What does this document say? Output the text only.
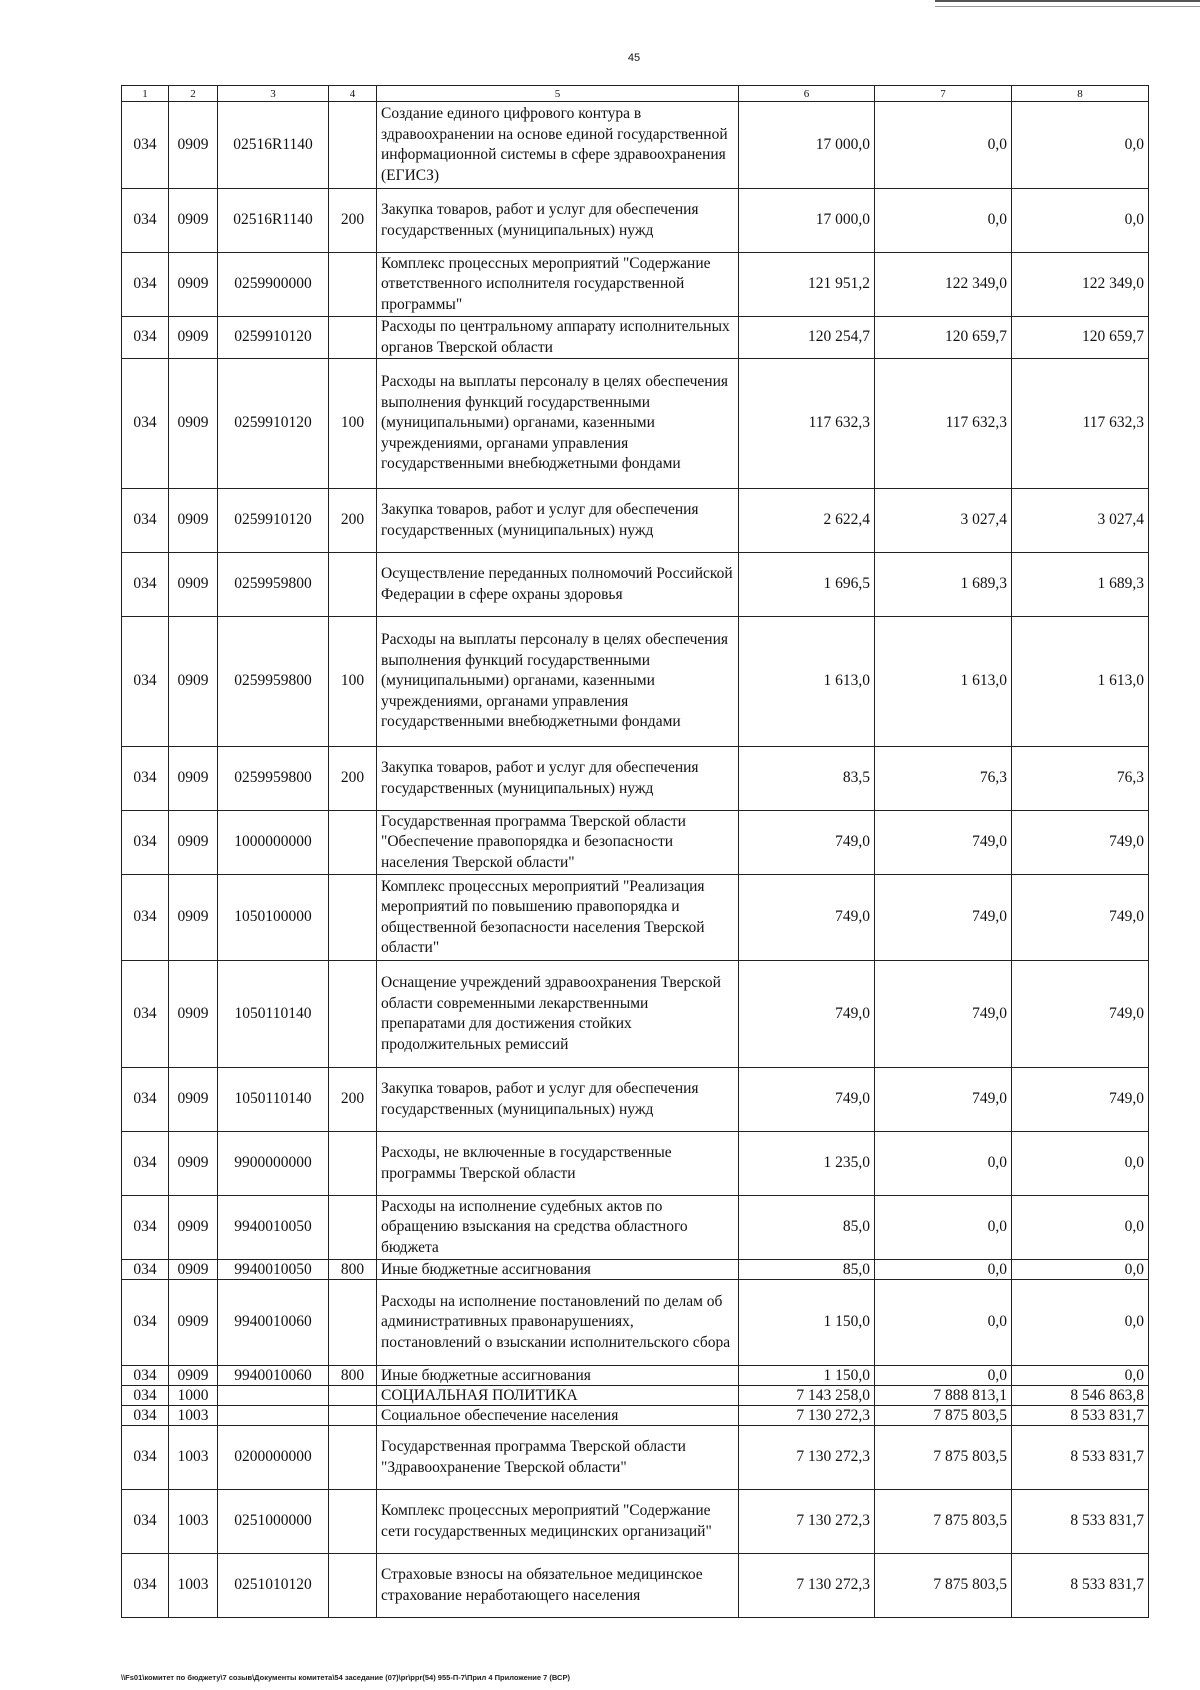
45
1	2	3	4	5	6	7	8
034	0909	02516R1140		Создание единого цифрового контура в здравоохранении на основе единой государственной информационной системы в сфере здравоохранения (ЕГИСЗ)	17 000,0	0,0	0,0
034	0909	02516R1140	200	Закупка товаров, работ и услуг для обеспечения государственных (муниципальных) нужд	17 000,0	0,0	0,0
034	0909	0259900000		Комплекс процессных мероприятий "Содержание ответственного исполнителя государственной программы"	121 951,2	122 349,0	122 349,0
034	0909	0259910120		Расходы по центральному аппарату исполнительных органов Тверской области	120 254,7	120 659,7	120 659,7
034	0909	0259910120	100	Расходы на выплаты персоналу в целях обеспечения выполнения функций государственными (муниципальными) органами, казенными учреждениями, органами управления государственными внебюджетными фондами	117 632,3	117 632,3	117 632,3
034	0909	0259910120	200	Закупка товаров, работ и услуг для обеспечения государственных (муниципальных) нужд	2 622,4	3 027,4	3 027,4
034	0909	0259959800		Осуществление переданных полномочий Российской Федерации в сфере охраны здоровья	1 696,5	1 689,3	1 689,3
034	0909	0259959800	100	Расходы на выплаты персоналу в целях обеспечения выполнения функций государственными (муниципальными) органами, казенными учреждениями, органами управления государственными внебюджетными фондами	1 613,0	1 613,0	1 613,0
034	0909	0259959800	200	Закупка товаров, работ и услуг для обеспечения государственных (муниципальных) нужд	83,5	76,3	76,3
034	0909	1000000000		Государственная программа Тверской области "Обеспечение правопорядка и безопасности населения Тверской области"	749,0	749,0	749,0
034	0909	1050100000		Комплекс процессных мероприятий "Реализация мероприятий по повышению правопорядка и общественной безопасности населения Тверской области"	749,0	749,0	749,0
034	0909	1050110140		Оснащение учреждений здравоохранения Тверской области современными лекарственными препаратами для достижения стойких продолжительных ремиссий	749,0	749,0	749,0
034	0909	1050110140	200	Закупка товаров, работ и услуг для обеспечения государственных (муниципальных) нужд	749,0	749,0	749,0
034	0909	9900000000		Расходы, не включенные в государственные программы Тверской области	1 235,0	0,0	0,0
034	0909	9940010050		Расходы на исполнение судебных актов по обращению взыскания на средства областного бюджета	85,0	0,0	0,0
034	0909	9940010050	800	Иные бюджетные ассигнования	85,0	0,0	0,0
034	0909	9940010060		Расходы на исполнение постановлений по делам об административных правонарушениях, постановлений о взыскании исполнительского сбора	1 150,0	0,0	0,0
034	0909	9940010060	800	Иные бюджетные ассигнования	1 150,0	0,0	0,0
034	1000			СОЦИАЛЬНАЯ ПОЛИТИКА	7 143 258,0	7 888 813,1	8 546 863,8
034	1003			Социальное обеспечение населения	7 130 272,3	7 875 803,5	8 533 831,7
034	1003	0200000000		Государственная программа Тверской области "Здравоохранение Тверской области"	7 130 272,3	7 875 803,5	8 533 831,7
034	1003	0251000000		Комплекс процессных мероприятий "Содержание сети государственных медицинских организаций"	7 130 272,3	7 875 803,5	8 533 831,7
034	1003	0251010120		Страховые взносы на обязательное медицинское страхование неработающего населения	7 130 272,3	7 875 803,5	8 533 831,7
\\Fs01\комитет по бюджету\7 созыв\Документы комитета\54 заседание (07)\pr\ppr(54) 955-П-7\Прил 4 Приложение 7 (ВСР)
